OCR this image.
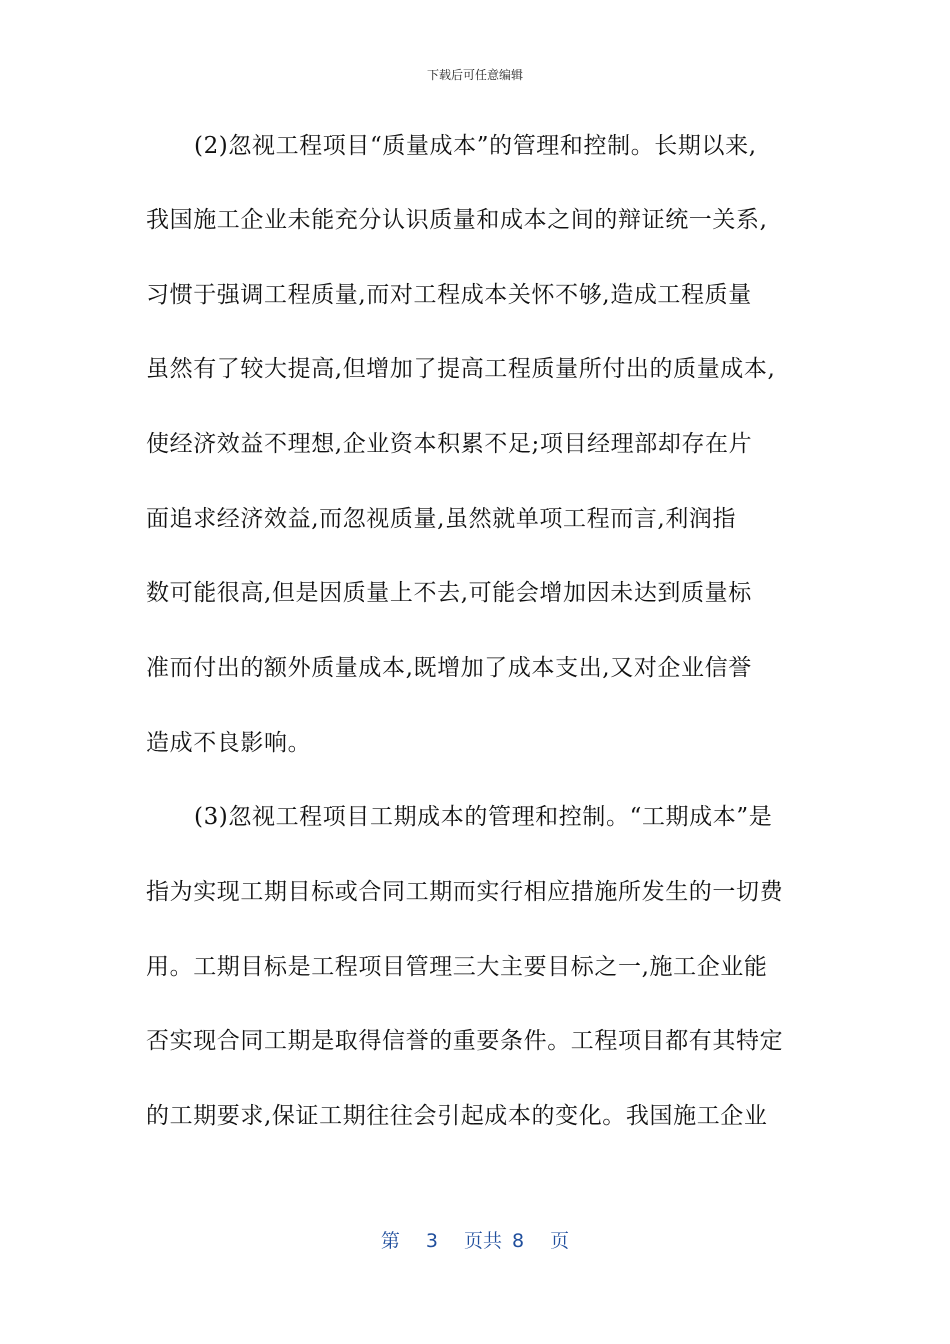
下载后可任意编辑
(2)忽视工程项目“质量成本”的管理和控制。长期以来,
我国施工企业未能充分认识质量和成本之间的辩证统一关系,
习惯于强调工程质量,而对工程成本关怀不够,造成工程质量
虽然有了较大提高,但增加了提高工程质量所付出的质量成本,
使经济效益不理想,企业资本积累不足;项目经理部却存在片
面追求经济效益,而忽视质量,虽然就单项工程而言,利润指
数可能很高,但是因质量上不去,可能会增加因未达到质量标
准而付出的额外质量成本,既增加了成本支出,又对企业信誉
造成不良影响。
(3)忽视工程项目工期成本的管理和控制。“工期成本”是
指为实现工期目标或合同工期而实行相应措施所发生的一切费
用。工期目标是工程项目管理三大主要目标之一,施工企业能
否实现合同工期是取得信誉的重要条件。工程项目都有其特定
的工期要求,保证工期往往会引起成本的变化。我国施工企业
第 3 页共 8 页
